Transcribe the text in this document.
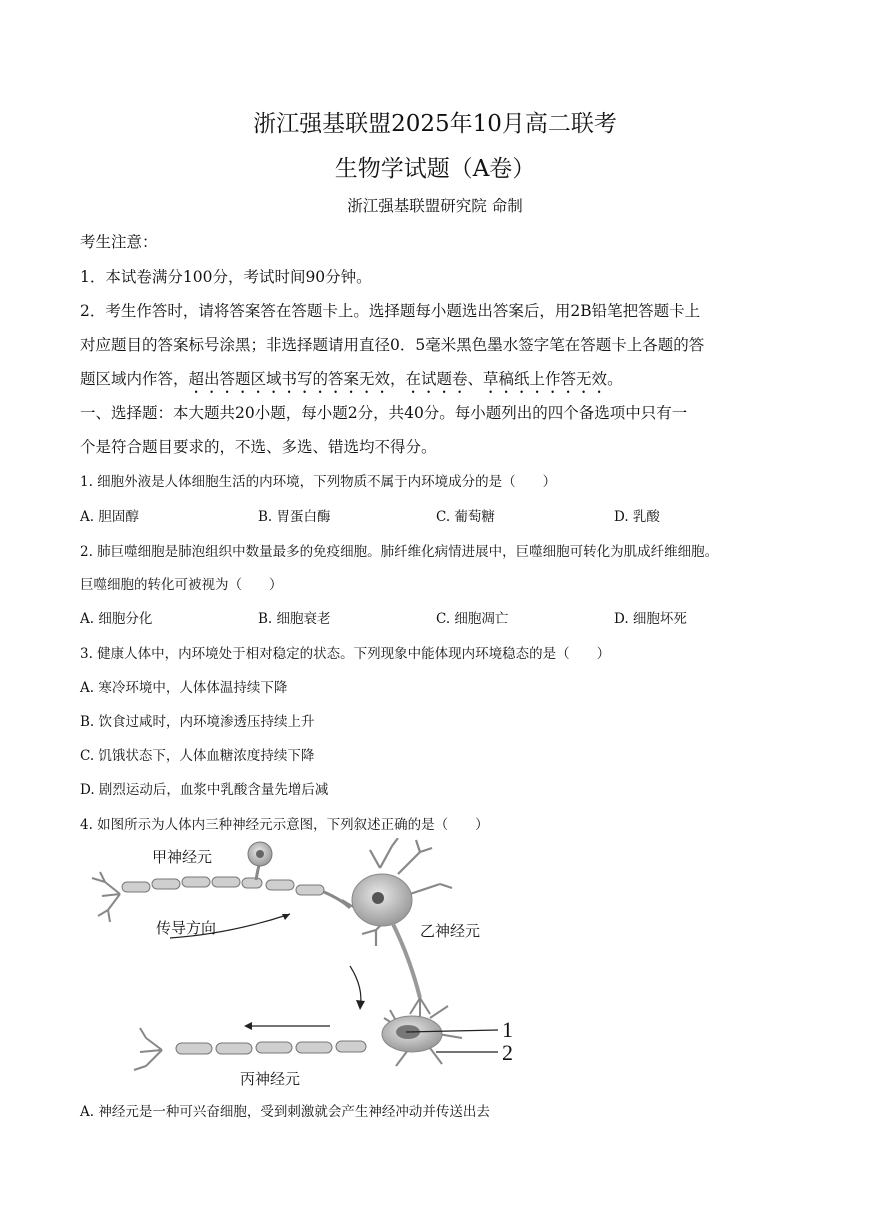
浙江强基联盟2025年10月高二联考
生物学试题（A卷）
浙江强基联盟研究院 命制
考生注意：
1．本试卷满分100分，考试时间90分钟。
2．考生作答时，请将答案答在答题卡上。选择题每小题选出答案后，用2B铅笔把答题卡上
对应题目的答案标号涂黑；非选择题请用直径0．5毫米黑色墨水签字笔在答题卡上各题的答
题区域内作答，超出答题区域书写的答案无效，在试题卷、草稿纸上作答无效。
一、选择题：本大题共20小题，每小题2分，共40分。每小题列出的四个备选项中只有一
个是符合题目要求的，不选、多选、错选均不得分。
1. 细胞外液是人体细胞生活的内环境，下列物质不属于内环境成分的是（　　）
A. 胆固醇	B. 胃蛋白酶	C. 葡萄糖	D. 乳酸
2. 肺巨噬细胞是肺泡组织中数量最多的免疫细胞。肺纤维化病情进展中，巨噬细胞可转化为肌成纤维细胞。
巨噬细胞的转化可被视为（　　）
A. 细胞分化	B. 细胞衰老	C. 细胞凋亡	D. 细胞坏死
3. 健康人体中，内环境处于相对稳定的状态。下列现象中能体现内环境稳态的是（　　）
A. 寒冷环境中，人体体温持续下降
B. 饮食过咸时，内环境渗透压持续上升
C. 饥饿状态下，人体血糖浓度持续下降
D. 剧烈运动后，血浆中乳酸含量先增后减
4. 如图所示为人体内三种神经元示意图，下列叙述正确的是（　　）
甲神经元
传导方向	乙神经元
丙神经元
1
2
A. 神经元是一种可兴奋细胞，受到刺激就会产生神经冲动并传送出去
